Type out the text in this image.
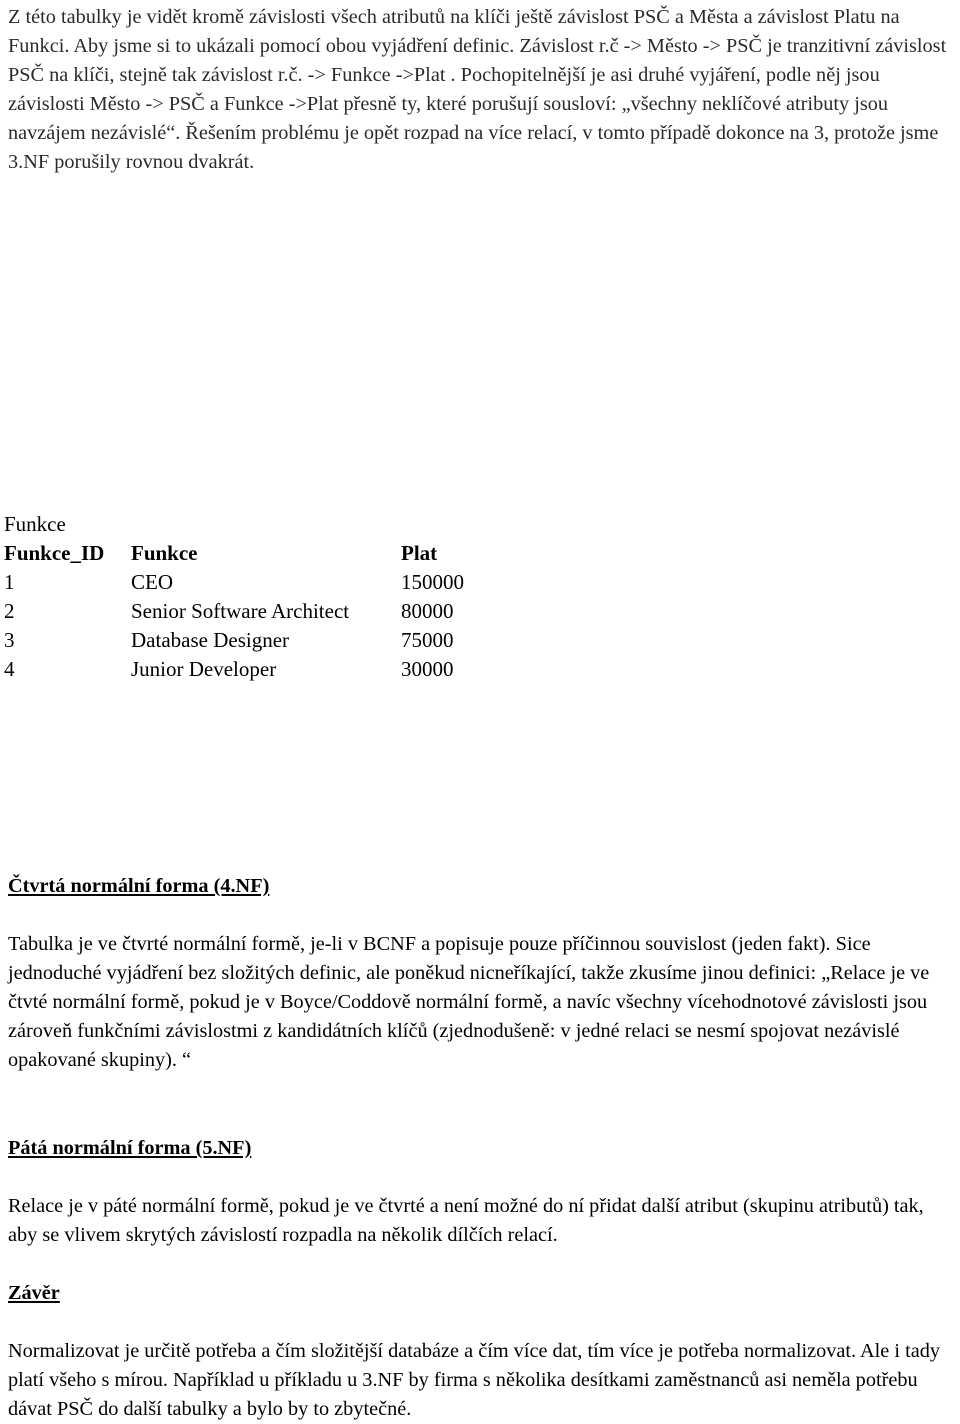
Z této tabulky je vidět kromě závislosti všech atributů na klíči ještě závislost PSČ a Města a závislost Platu na Funkci. Aby jsme si to ukázali pomocí obou vyjádření definic. Závislost r.č -> Město -> PSČ je tranzitivní závislost PSČ na klíči, stejně tak závislost r.č. -> Funkce ->Plat . Pochopitelnější je asi druhé vyjáření, podle něj jsou závislosti Město -> PSČ a Funkce ->Plat přesně ty, které porušují sousloví: „všechny neklíčové atributy jsou navzájem nezávislé“. Řešením problému je opět rozpad na více relací, v tomto případě dokonce na 3, protože jsme 3.NF porušily rovnou dvakrát.

Funkce

Funkce_ID	Funkce	Plat
1	CEO	150000
2	Senior Software Architect	80000
3	Database Designer	75000
4	Junior Developer	30000
Čtvrtá normální forma (4.NF)

Tabulka je ve čtvrté normální formě, je-li v BCNF a popisuje pouze příčinnou souvislost (jeden fakt). Sice jednoduché vyjádření bez složitých definic, ale poněkud nicneříkající, takže zkusíme jinou definici: „Relace je ve čtvté normální formě, pokud je v Boyce/Coddově normální formě, a navíc všechny vícehodnotové závislosti jsou zároveň funkčními závislostmi z kandidátních klíčů (zjednodušeně: v jedné relaci se nesmí spojovat nezávislé opakované skupiny). “

Pátá normální forma (5.NF)

Relace je v páté normální formě, pokud je ve čtvrté a není možné do ní přidat další atribut (skupinu atributů) tak, aby se vlivem skrytých závislostí rozpadla na několik dílčích relací.

Závěr

Normalizovat je určitě potřeba a čím složitější databáze a čím více dat, tím více je potřeba normalizovat. Ale i tady platí všeho s mírou. Například u příkladu u 3.NF by firma s několika desítkami zaměstnanců asi neměla potřebu dávat PSČ do další tabulky a bylo by to zbytečné.
